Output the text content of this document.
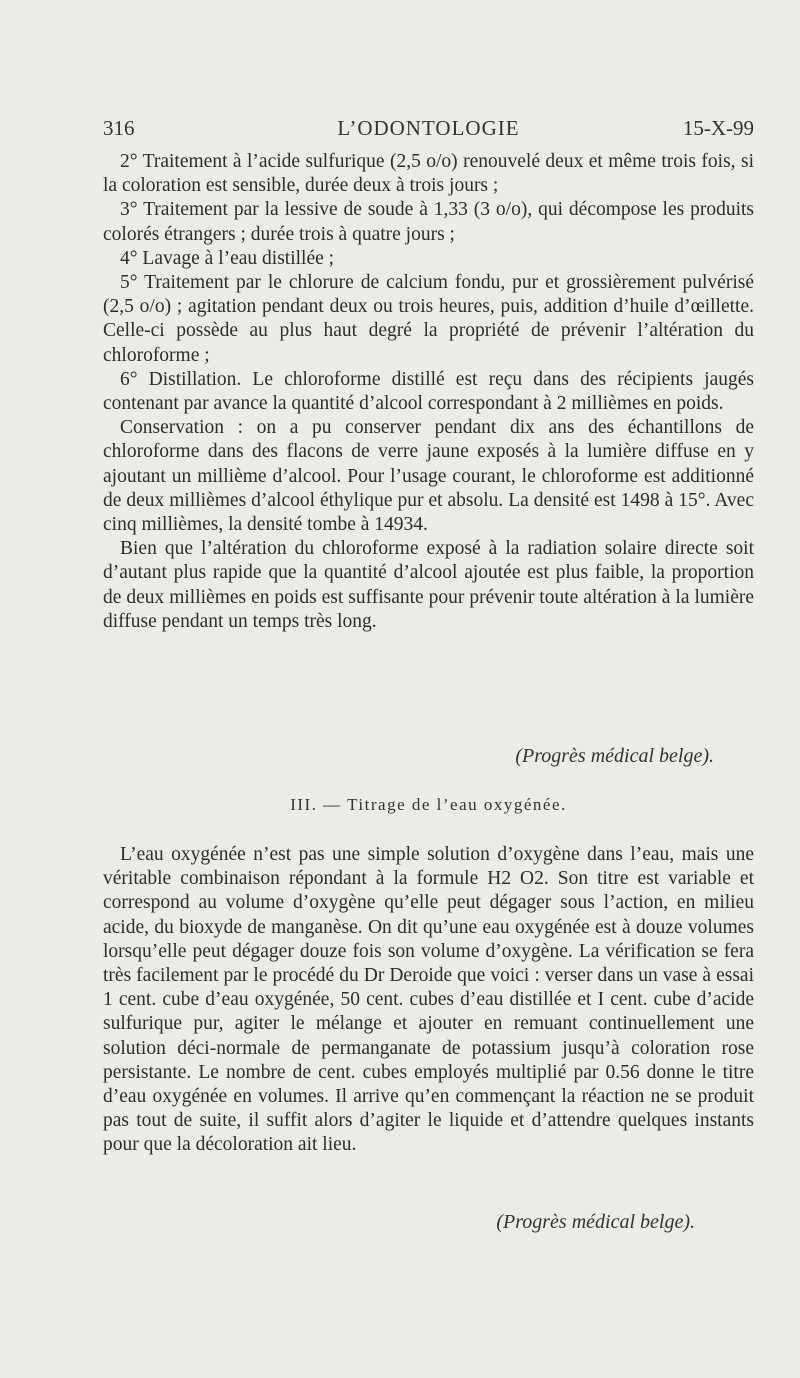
316	L’ODONTOLOGIE	15-X-99

2° Traitement à l’acide sulfurique (2,5 o/o) renouvelé deux et même trois fois, si la coloration est sensible, durée deux à trois jours ;

3° Traitement par la lessive de soude à 1,33 (3 o/o), qui décompose les produits colorés étrangers ; durée trois à quatre jours ;

4° Lavage à l’eau distillée ;

5° Traitement par le chlorure de calcium fondu, pur et grossièrement pulvérisé (2,5 o/o) ; agitation pendant deux ou trois heures, puis, addition d’huile d’œillette. Celle-ci possède au plus haut degré la propriété de prévenir l’altération du chloroforme ;

6° Distillation. Le chloroforme distillé est reçu dans des récipients jaugés contenant par avance la quantité d’alcool correspondant à 2 millièmes en poids.

Conservation : on a pu conserver pendant dix ans des échantillons de chloroforme dans des flacons de verre jaune exposés à la lumière diffuse en y ajoutant un millième d’alcool. Pour l’usage courant, le chloroforme est additionné de deux millièmes d’alcool éthylique pur et absolu. La densité est 1498 à 15°. Avec cinq millièmes, la densité tombe à 14934.

Bien que l’altération du chloroforme exposé à la radiation solaire directe soit d’autant plus rapide que la quantité d’alcool ajoutée est plus faible, la proportion de deux millièmes en poids est suffisante pour prévenir toute altération à la lumière diffuse pendant un temps très long.

(Progrès médical belge).
III. — Titrage de l’eau oxygénée.

L’eau oxygénée n’est pas une simple solution d’oxygène dans l’eau, mais une véritable combinaison répondant à la formule H2 O2. Son titre est variable et correspond au volume d’oxygène qu’elle peut dégager sous l’action, en milieu acide, du bioxyde de manganèse. On dit qu’une eau oxygénée est à douze volumes lorsqu’elle peut dégager douze fois son volume d’oxygène. La vérification se fera très facilement par le procédé du Dr Deroide que voici : verser dans un vase à essai 1 cent. cube d’eau oxygénée, 50 cent. cubes d’eau distillée et I cent. cube d’acide sulfurique pur, agiter le mélange et ajouter en remuant continuellement une solution déci-normale de permanganate de potassium jusqu’à coloration rose persistante. Le nombre de cent. cubes employés multiplié par 0.56 donne le titre d’eau oxygénée en volumes. Il arrive qu’en commençant la réaction ne se produit pas tout de suite, il suffit alors d’agiter le liquide et d’attendre quelques instants pour que la décoloration ait lieu.

(Progrès médical belge).
